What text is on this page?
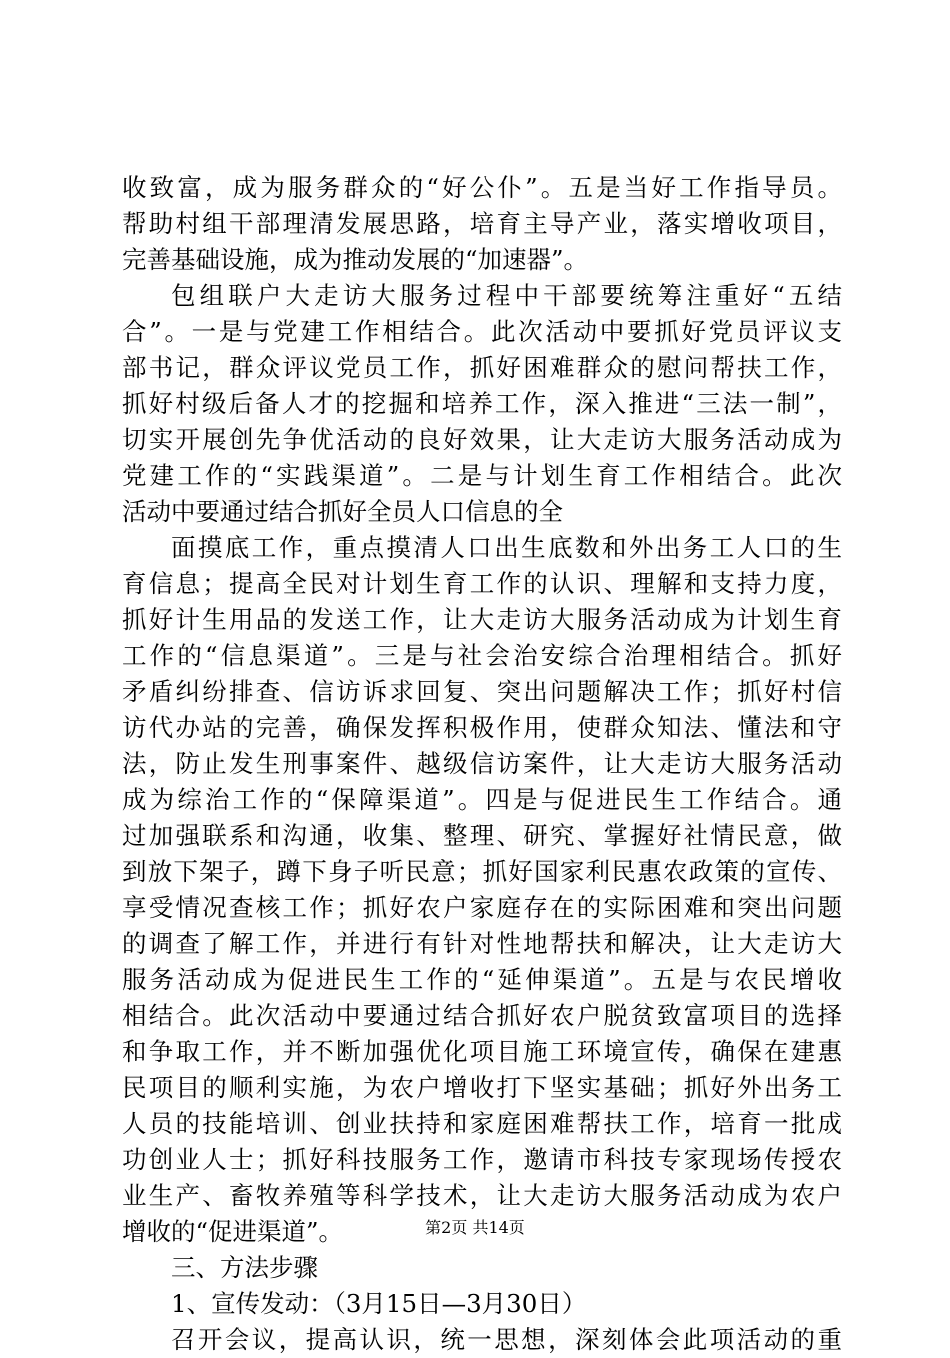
收致富，成为服务群众的“好公仆”。五是当好工作指导员。
帮助村组干部理清发展思路，培育主导产业，落实增收项目，
完善基础设施，成为推动发展的“加速器”。
包组联户大走访大服务过程中干部要统筹注重好“五结
合”。一是与党建工作相结合。此次活动中要抓好党员评议支
部书记，群众评议党员工作，抓好困难群众的慰问帮扶工作，
抓好村级后备人才的挖掘和培养工作，深入推进“三法一制”，
切实开展创先争优活动的良好效果，让大走访大服务活动成为
党建工作的“实践渠道”。二是与计划生育工作相结合。此次
活动中要通过结合抓好全员人口信息的全
面摸底工作，重点摸清人口出生底数和外出务工人口的生
育信息；提高全民对计划生育工作的认识、理解和支持力度，
抓好计生用品的发送工作，让大走访大服务活动成为计划生育
工作的“信息渠道”。三是与社会治安综合治理相结合。抓好
矛盾纠纷排查、信访诉求回复、突出问题解决工作；抓好村信
访代办站的完善，确保发挥积极作用，使群众知法、懂法和守
法，防止发生刑事案件、越级信访案件，让大走访大服务活动
成为综治工作的“保障渠道”。四是与促进民生工作结合。通
过加强联系和沟通，收集、整理、研究、掌握好社情民意，做
到放下架子，蹲下身子听民意；抓好国家利民惠农政策的宣传、
享受情况查核工作；抓好农户家庭存在的实际困难和突出问题
的调查了解工作，并进行有针对性地帮扶和解决，让大走访大
服务活动成为促进民生工作的“延伸渠道”。五是与农民增收
相结合。此次活动中要通过结合抓好农户脱贫致富项目的选择
和争取工作，并不断加强优化项目施工环境宣传，确保在建惠
民项目的顺利实施，为农户增收打下坚实基础；抓好外出务工
人员的技能培训、创业扶持和家庭困难帮扶工作，培育一批成
功创业人士；抓好科技服务工作，邀请市科技专家现场传授农
业生产、畜牧养殖等科学技术，让大走访大服务活动成为农户
增收的“促进渠道”。
三、方法步骤
1、宣传发动：（3月15日—3月30日）
召开会议，提高认识，统一思想，深刻体会此项活动的重
第2页 共14页
